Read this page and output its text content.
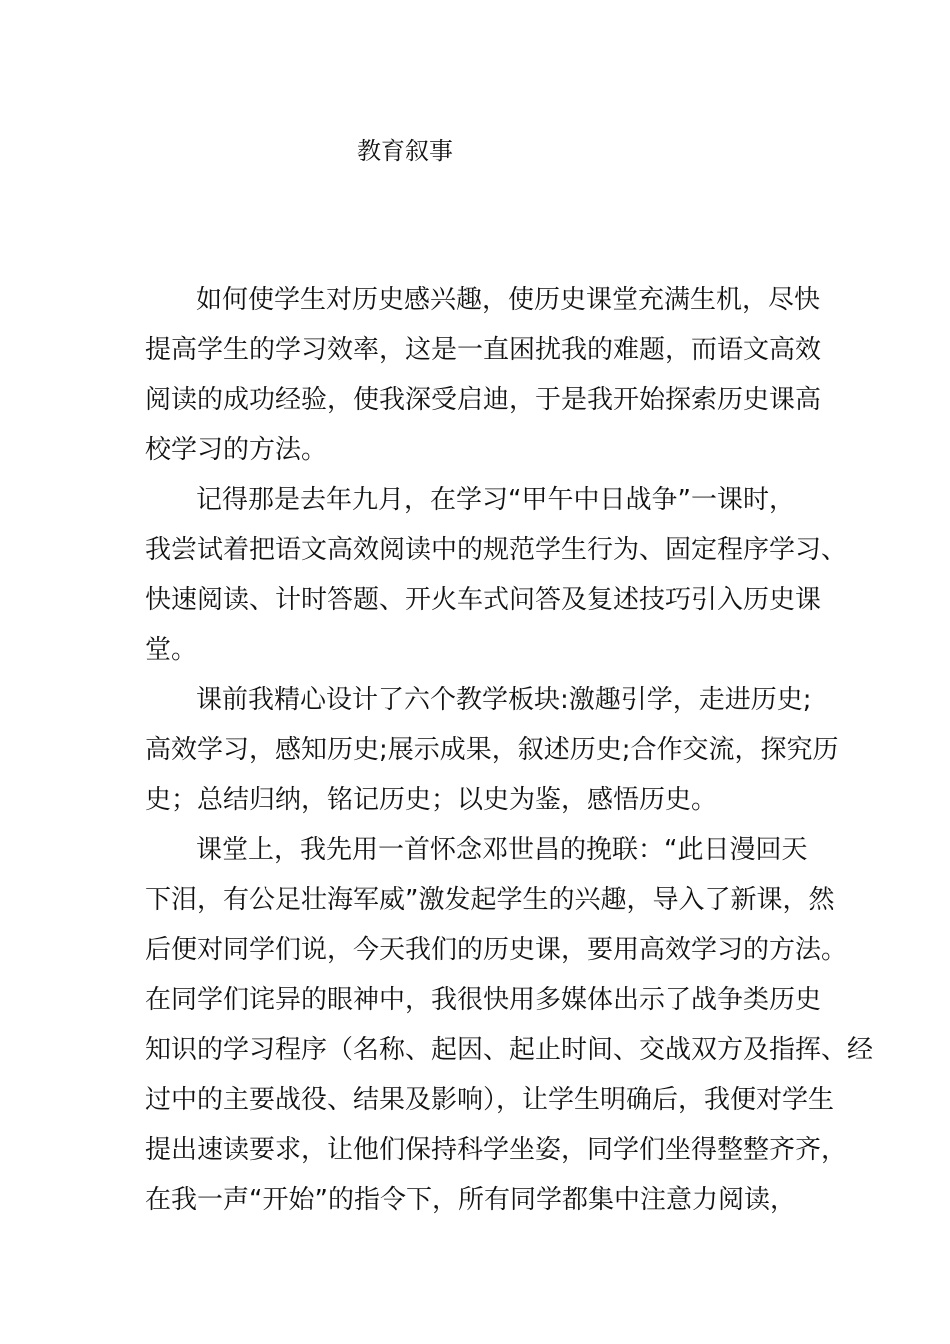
教育叙事

如何使学生对历史感兴趣，使历史课堂充满生机，尽快

提高学生的学习效率，这是一直困扰我的难题，而语文高效

阅读的成功经验，使我深受启迪，于是我开始探索历史课高

校学习的方法。

记得那是去年九月，在学习“甲午中日战争”一课时，

我尝试着把语文高效阅读中的规范学生行为、固定程序学习、

快速阅读、计时答题、开火车式问答及复述技巧引入历史课

堂。

课前我精心设计了六个教学板块:激趣引学，走进历史;

高效学习，感知历史;展示成果，叙述历史;合作交流，探究历

史；总结归纳，铭记历史；以史为鉴，感悟历史。

课堂上，我先用一首怀念邓世昌的挽联：“此日漫回天

下泪，有公足壮海军威”激发起学生的兴趣，导入了新课，然

后便对同学们说，今天我们的历史课，要用高效学习的方法。

在同学们诧异的眼神中，我很快用多媒体出示了战争类历史

知识的学习程序（名称、起因、起止时间、交战双方及指挥、经

过中的主要战役、结果及影响），让学生明确后，我便对学生

提出速读要求，让他们保持科学坐姿，同学们坐得整整齐齐，

在我一声“开始”的指令下，所有同学都集中注意力阅读，
